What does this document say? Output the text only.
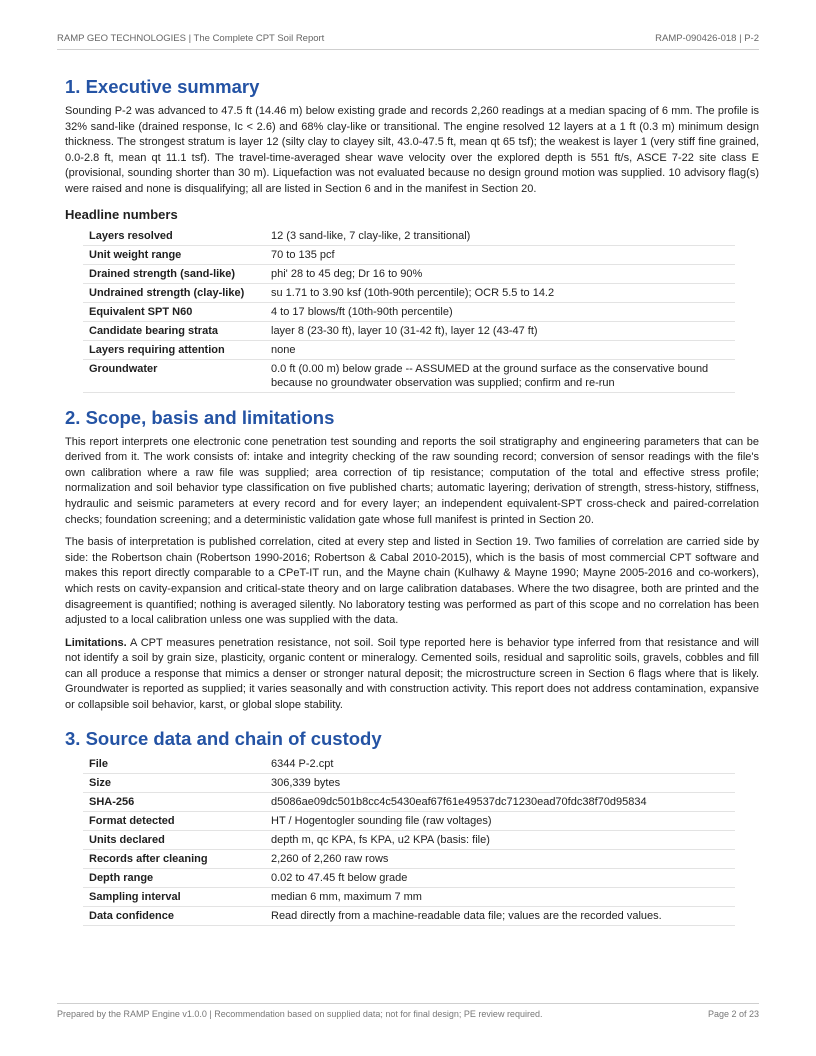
RAMP GEO TECHNOLOGIES | The Complete CPT Soil Report	RAMP-090426-018 | P-2
1. Executive summary

Sounding P-2 was advanced to 47.5 ft (14.46 m) below existing grade and records 2,260 readings at a median spacing of 6 mm. The profile is 32% sand-like (drained response, Ic < 2.6) and 68% clay-like or transitional. The engine resolved 12 layers at a 1 ft (0.3 m) minimum design thickness. The strongest stratum is layer 12 (silty clay to clayey silt, 43.0-47.5 ft, mean qt 65 tsf); the weakest is layer 1 (very stiff fine grained, 0.0-2.8 ft, mean qt 11.1 tsf). The travel-time-averaged shear wave velocity over the explored depth is 551 ft/s, ASCE 7-22 site class E (provisional, sounding shorter than 30 m). Liquefaction was not evaluated because no design ground motion was supplied. 10 advisory flag(s) were raised and none is disqualifying; all are listed in Section 6 and in the manifest in Section 20.

Headline numbers
Layers resolved	12 (3 sand-like, 7 clay-like, 2 transitional)
Unit weight range	70 to 135 pcf
Drained strength (sand-like)	phi' 28 to 45 deg; Dr 16 to 90%
Undrained strength (clay-like)	su 1.71 to 3.90 ksf (10th-90th percentile); OCR 5.5 to 14.2
Equivalent SPT N60	4 to 17 blows/ft (10th-90th percentile)
Candidate bearing strata	layer 8 (23-30 ft), layer 10 (31-42 ft), layer 12 (43-47 ft)
Layers requiring attention	none
Groundwater	0.0 ft (0.00 m) below grade -- ASSUMED at the ground surface as the conservative bound because no groundwater observation was supplied; confirm and re-run
2. Scope, basis and limitations

This report interprets one electronic cone penetration test sounding and reports the soil stratigraphy and engineering parameters that can be derived from it. The work consists of: intake and integrity checking of the raw sounding record; conversion of sensor readings with the file's own calibration where a raw file was supplied; area correction of tip resistance; computation of the total and effective stress profile; normalization and soil behavior type classification on five published charts; automatic layering; derivation of strength, stress-history, stiffness, hydraulic and seismic parameters at every record and for every layer; an independent equivalent-SPT cross-check and paired-correlation checks; foundation screening; and a deterministic validation gate whose full manifest is printed in Section 20.

The basis of interpretation is published correlation, cited at every step and listed in Section 19. Two families of correlation are carried side by side: the Robertson chain (Robertson 1990-2016; Robertson & Cabal 2010-2015), which is the basis of most commercial CPT software and makes this report directly comparable to a CPeT-IT run, and the Mayne chain (Kulhawy & Mayne 1990; Mayne 2005-2016 and co-workers), which rests on cavity-expansion and critical-state theory and on large calibration databases. Where the two disagree, both are printed and the disagreement is quantified; nothing is averaged silently. No laboratory testing was performed as part of this scope and no correlation has been adjusted to a local calibration unless one was supplied with the data.

Limitations. A CPT measures penetration resistance, not soil. Soil type reported here is behavior type inferred from that resistance and will not identify a soil by grain size, plasticity, organic content or mineralogy. Cemented soils, residual and saprolitic soils, gravels, cobbles and fill can all produce a response that mimics a denser or stronger natural deposit; the microstructure screen in Section 6 flags where that is likely. Groundwater is reported as supplied; it varies seasonally and with construction activity. This report does not address contamination, expansive or collapsible soil behavior, karst, or global slope stability.

3. Source data and chain of custody
File	6344 P-2.cpt
Size	306,339 bytes
SHA-256	d5086ae09dc501b8cc4c5430eaf67f61e49537dc71230ead70fdc38f70d95834
Format detected	HT / Hogentogler sounding file (raw voltages)
Units declared	depth m, qc KPA, fs KPA, u2 KPA (basis: file)
Records after cleaning	2,260 of 2,260 raw rows
Depth range	0.02 to 47.45 ft below grade
Sampling interval	median 6 mm, maximum 7 mm
Data confidence	Read directly from a machine-readable data file; values are the recorded values.
Prepared by the RAMP Engine v1.0.0 | Recommendation based on supplied data; not for final design; PE review required.	Page 2 of 23
